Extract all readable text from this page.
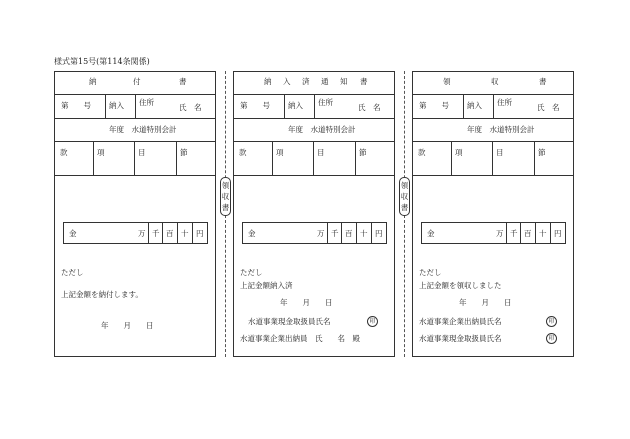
様式第15号(第114条関係)
納	付	書
第　　号 納入 住所
氏　名
年度　水道特別会計
款	項	目	節
金	万 千 百 十 円
ただし
上記金額を納付します。
年　　月　　日
領
収
書
納 入 済 通 知 書
第　　号 納入 住所
氏　名
年度　水道特別会計
款	項	目	節
金	万 千 百 十 円
ただし
上記金額納入済
年　　月　　日
水道事業現金取扱員氏名	印
水道事業企業出納員　氏　　名　殿
領
収
書
領	収	書
第　　号 納入 住所
氏　名
年度　水道特別会計
款	項	目	節
金	万 千 百 十 円
ただし
上記金額を領収しました
年　　月　　日
水道事業企業出納員氏名	印
水道事業現金取扱員氏名	印
